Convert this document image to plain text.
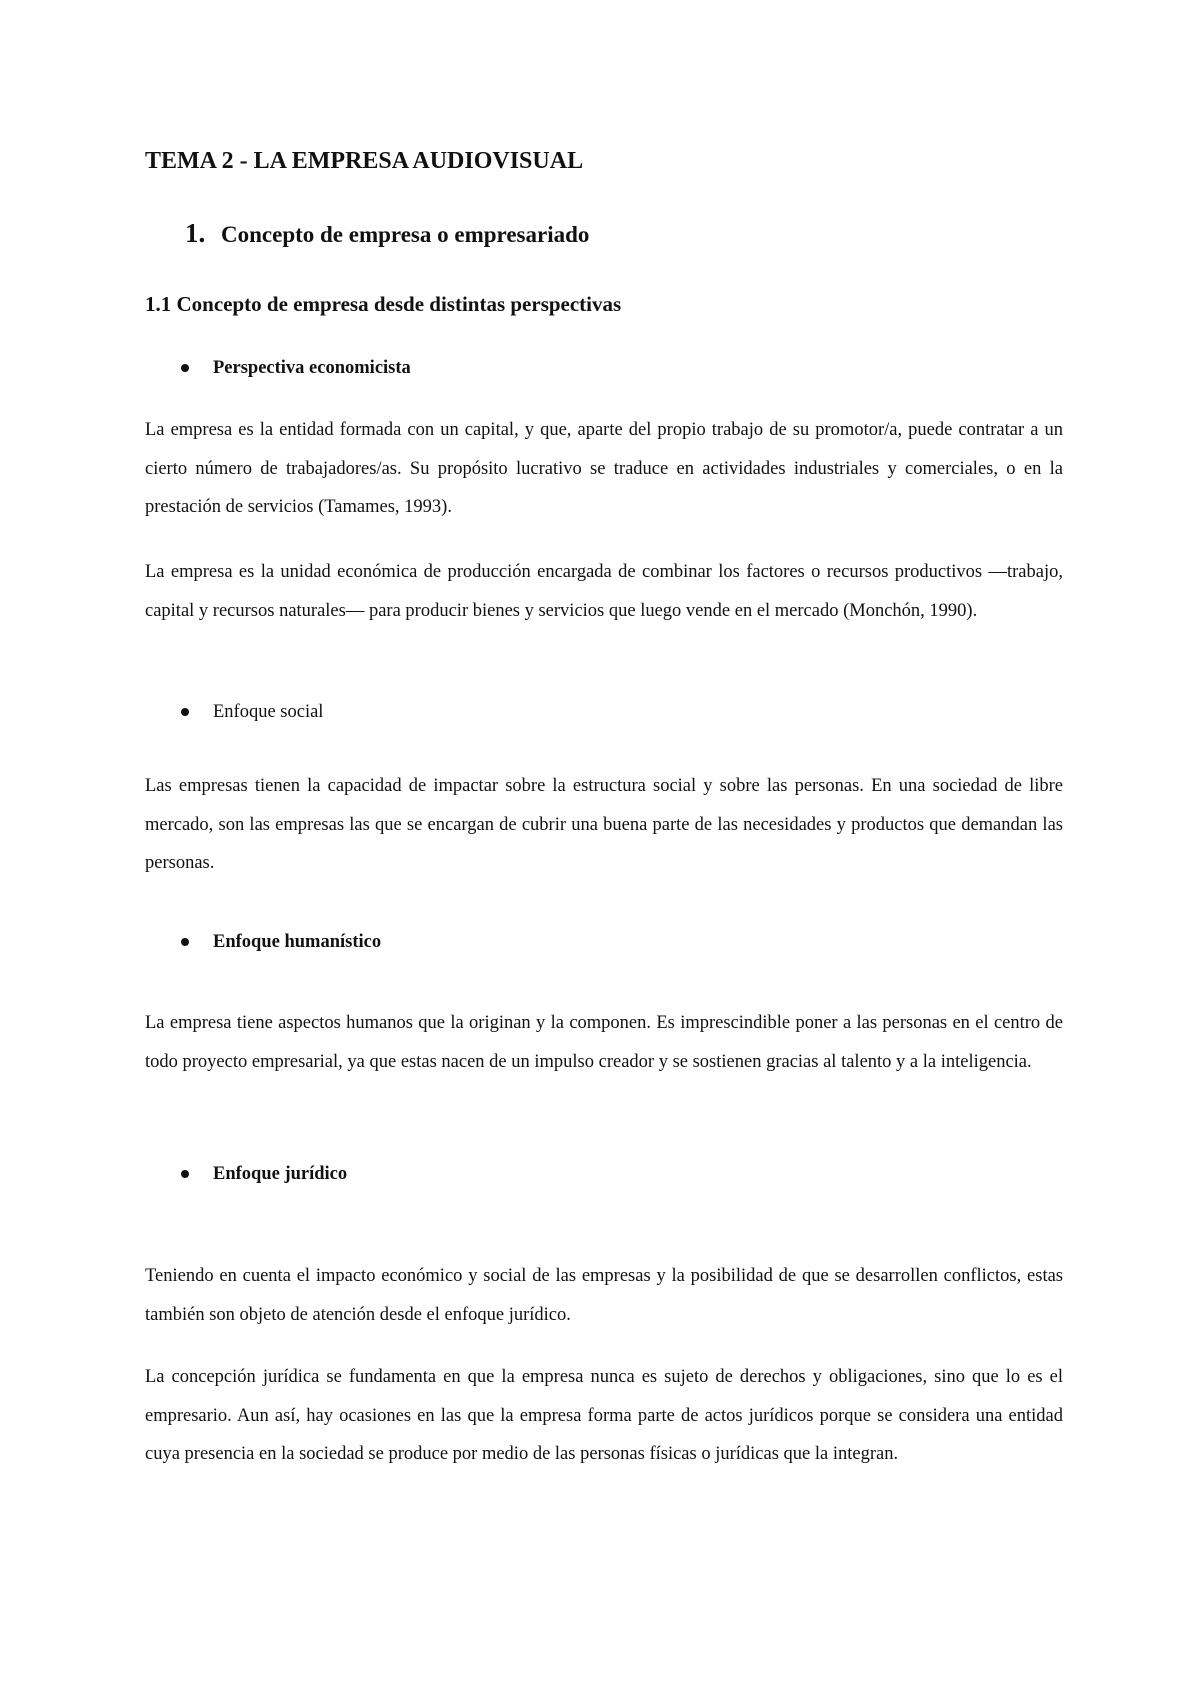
TEMA 2 - LA EMPRESA AUDIOVISUAL
1. Concepto de empresa o empresariado
1.1 Concepto de empresa desde distintas perspectivas
Perspectiva economicista

La empresa es la entidad formada con un capital, y que, aparte del propio trabajo de su promotor/a, puede contratar a un cierto número de trabajadores/as. Su propósito lucrativo se traduce en actividades industriales y comerciales, o en la prestación de servicios (Tamames, 1993).

La empresa es la unidad económica de producción encargada de combinar los factores o recursos productivos —trabajo, capital y recursos naturales— para producir bienes y servicios que luego vende en el mercado (Monchón, 1990).

Enfoque social

Las empresas tienen la capacidad de impactar sobre la estructura social y sobre las personas. En una sociedad de libre mercado, son las empresas las que se encargan de cubrir una buena parte de las necesidades y productos que demandan las personas.

Enfoque humanístico

La empresa tiene aspectos humanos que la originan y la componen. Es imprescindible poner a las personas en el centro de todo proyecto empresarial, ya que estas nacen de un impulso creador y se sostienen gracias al talento y a la inteligencia.

Enfoque jurídico

Teniendo en cuenta el impacto económico y social de las empresas y la posibilidad de que se desarrollen conflictos, estas también son objeto de atención desde el enfoque jurídico.

La concepción jurídica se fundamenta en que la empresa nunca es sujeto de derechos y obligaciones, sino que lo es el empresario. Aun así, hay ocasiones en las que la empresa forma parte de actos jurídicos porque se considera una entidad cuya presencia en la sociedad se produce por medio de las personas físicas o jurídicas que la integran.
